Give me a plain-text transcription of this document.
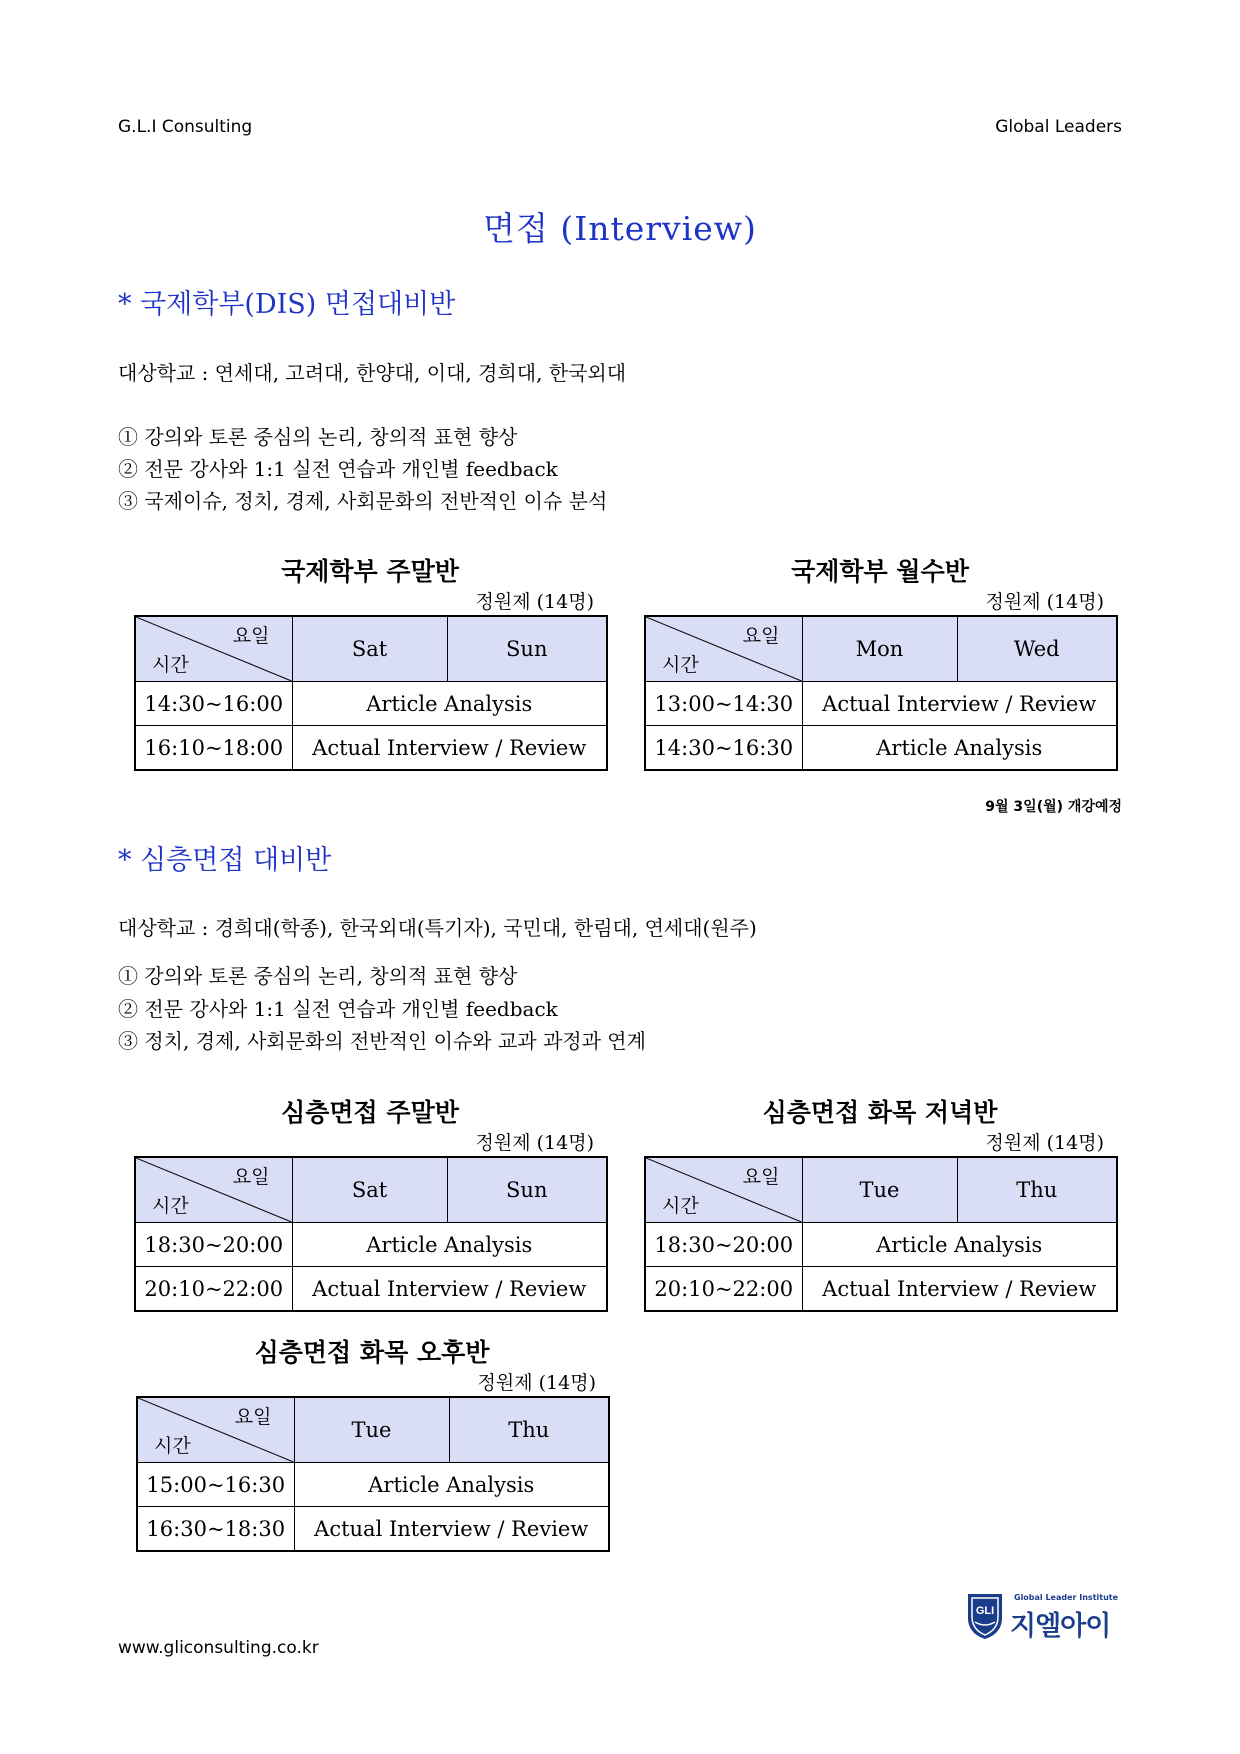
G.L.I Consulting	Global Leaders
면접 (Interview)
* 국제학부(DIS) 면접대비반
대상학교 : 연세대, 고려대, 한양대, 이대, 경희대, 한국외대
① 강의와 토론 중심의 논리, 창의적 표현 향상
② 전문 강사와 1:1 실전 연습과 개인별 feedback
③ 국제이슈, 정치, 경제, 사회문화의 전반적인 이슈 분석
국제학부 주말반
정원제 (14명)
요일
시간	Sat	Sun
14:30~16:00	Article Analysis	
16:10~18:00	Actual Interview / Review	
국제학부 월수반
정원제 (14명)
요일
시간	Mon	Wed
13:00~14:30	Actual Interview / Review	
14:30~16:30	Article Analysis	
9월 3일(월) 개강예정
* 심층면접 대비반
대상학교 : 경희대(학종), 한국외대(특기자), 국민대, 한림대, 연세대(원주)
① 강의와 토론 중심의 논리, 창의적 표현 향상
② 전문 강사와 1:1 실전 연습과 개인별 feedback
③ 정치, 경제, 사회문화의 전반적인 이슈와 교과 과정과 연계
심층면접 주말반
정원제 (14명)
요일
시간	Sat	Sun
18:30~20:00	Article Analysis	
20:10~22:00	Actual Interview / Review	
심층면접 화목 저녁반
정원제 (14명)
요일
시간	Tue	Thu
18:30~20:00	Article Analysis	
20:10~22:00	Actual Interview / Review	
심층면접 화목 오후반
정원제 (14명)
요일
시간	Tue	Thu
15:00~16:30	Article Analysis	
16:30~18:30	Actual Interview / Review	
www.gliconsulting.co.kr
GLI
Global Leader Institute
지엘아이
